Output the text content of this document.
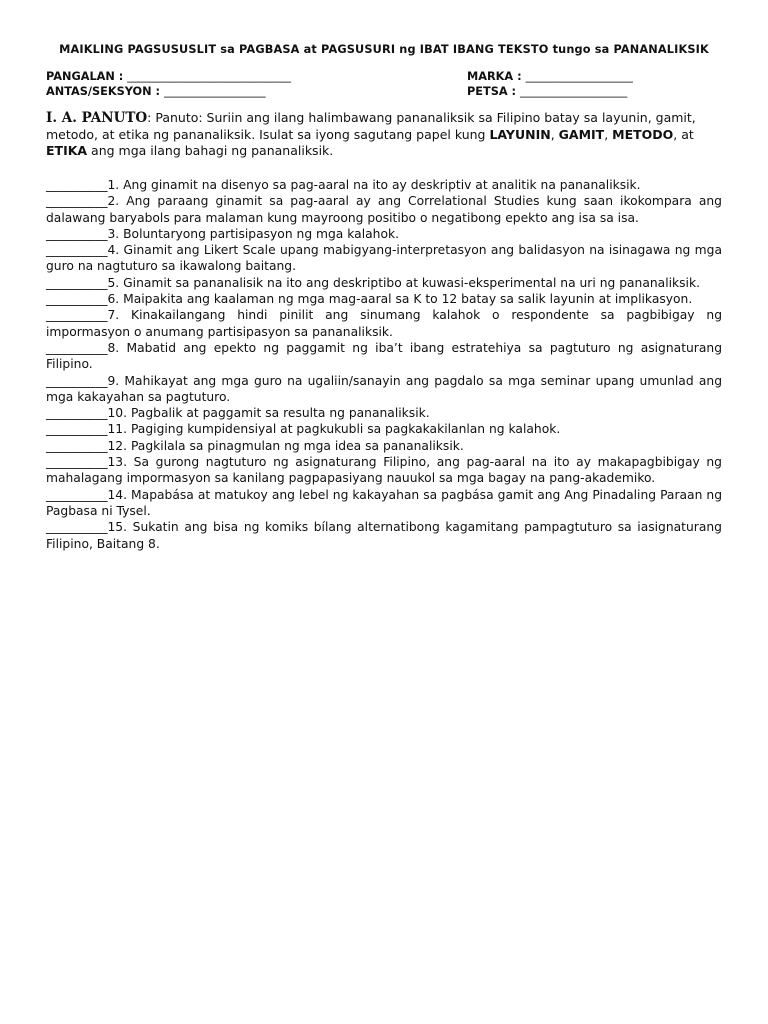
MAIKLING PAGSUSUSLIT sa PAGBASA at PAGSUSURI ng IBAT IBANG TEKSTO tungo sa PANANALIKSIK
PANGALAN : _____________________________
ANTAS/SEKSYON : __________________
MARKA : ___________________
PETSA : ___________________
I. A. PANUTO: Panuto: Suriin ang ilang halimbawang pananaliksik sa Filipino batay sa layunin, gamit, metodo, at etika ng pananaliksik. Isulat sa iyong sagutang papel kung LAYUNIN, GAMIT, METODO, at ETIKA ang mga ilang bahagi ng pananaliksik.
__________1. Ang ginamit na disenyo sa pag-aaral na ito ay deskriptiv at analitik na pananaliksik.
__________2. Ang paraang ginamit sa pag-aaral ay ang Correlational Studies kung saan ikokompara ang dalawang baryabols para malaman kung mayroong positibo o negatibong epekto ang isa sa isa.
__________3. Boluntaryong partisipasyon ng mga kalahok.
__________4. Ginamit ang Likert Scale upang mabigyang-interpretasyon ang balidasyon na isinagawa ng mga guro na nagtuturo sa ikawalong baitang.
__________5. Ginamit sa pananalisik na ito ang deskriptibo at kuwasi-eksperimental na uri ng pananaliksik.
__________6. Maipakita ang kaalaman ng mga mag-aaral sa K to 12 batay sa salik layunin at implikasyon.
__________7. Kinakailangang hindi pinilit ang sinumang kalahok o respondente sa pagbibigay ng impormasyon o anumang partisipasyon sa pananaliksik.
__________8. Mabatid ang epekto ng paggamit ng iba’t ibang estratehiya sa pagtuturo ng asignaturang Filipino.
__________9. Mahikayat ang mga guro na ugaliin/sanayin ang pagdalo sa mga seminar upang umunlad ang mga kakayahan sa pagtuturo.
__________10. Pagbalik at paggamit sa resulta ng pananaliksik.
__________11. Pagiging kumpidensiyal at pagkukubli sa pagkakakilanlan ng kalahok.
__________12. Pagkilala sa pinagmulan ng mga idea sa pananaliksik.
__________13. Sa gurong nagtuturo ng asignaturang Filipino, ang pag-aaral na ito ay makapagbibigay ng mahalagang impormasyon sa kanilang pagpapasiyang nauukol sa mga bagay na pang-akademiko.
__________14. Mapabása at matukoy ang lebel ng kakayahan sa pagbása gamit ang Ang Pinadaling Paraan ng Pagbasa ni Tysel.
__________15. Sukatin ang bisa ng komiks bílang alternatibong kagamitang pampagtuturo sa iasignaturang Filipino, Baitang 8.
